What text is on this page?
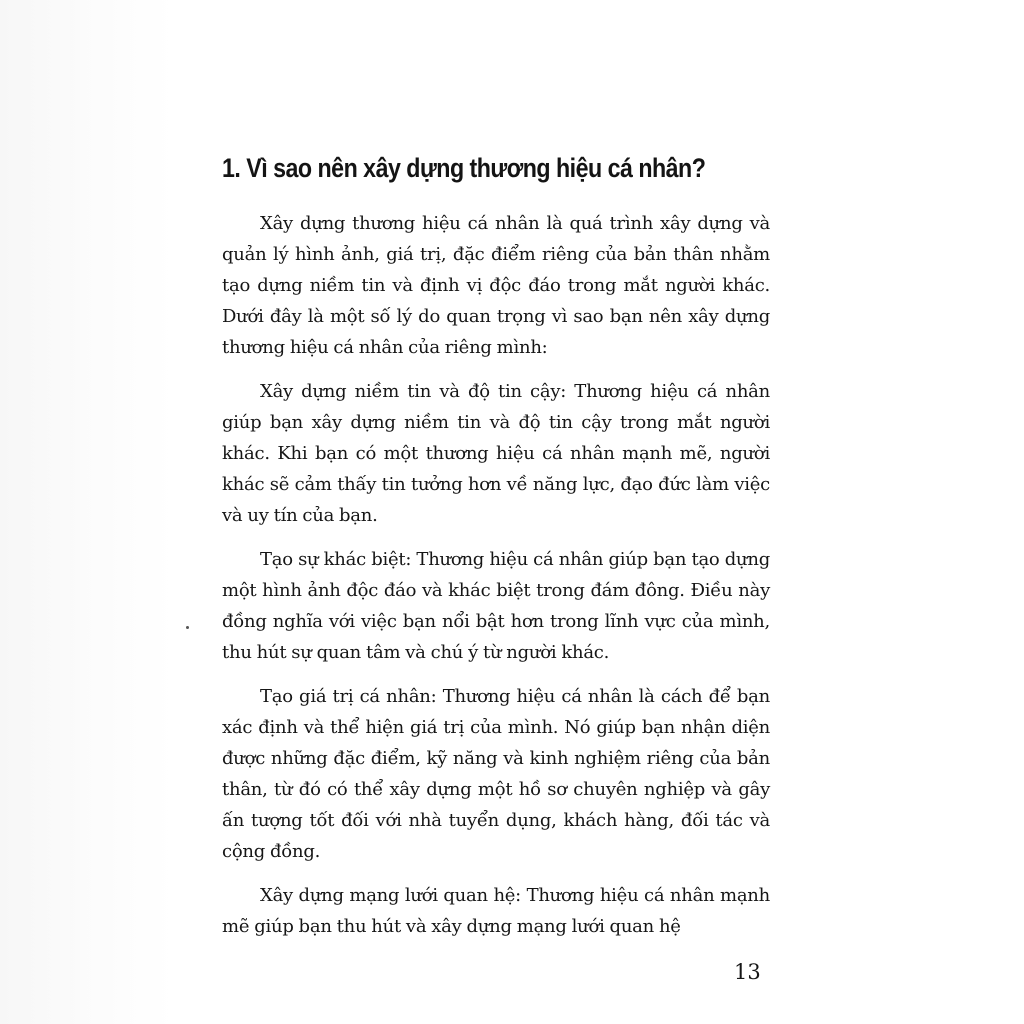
1. Vì sao nên xây dựng thương hiệu cá nhân?

Xây dựng thương hiệu cá nhân là quá trình xây dựng và quản lý hình ảnh, giá trị, đặc điểm riêng của bản thân nhằm tạo dựng niềm tin và định vị độc đáo trong mắt người khác. Dưới đây là một số lý do quan trọng vì sao bạn nên xây dựng thương hiệu cá nhân của riêng mình:

Xây dựng niềm tin và độ tin cậy: Thương hiệu cá nhân giúp bạn xây dựng niềm tin và độ tin cậy trong mắt người khác. Khi bạn có một thương hiệu cá nhân mạnh mẽ, người khác sẽ cảm thấy tin tưởng hơn về năng lực, đạo đức làm việc và uy tín của bạn.

Tạo sự khác biệt: Thương hiệu cá nhân giúp bạn tạo dựng một hình ảnh độc đáo và khác biệt trong đám đông. Điều này đồng nghĩa với việc bạn nổi bật hơn trong lĩnh vực của mình, thu hút sự quan tâm và chú ý từ người khác.

Tạo giá trị cá nhân: Thương hiệu cá nhân là cách để bạn xác định và thể hiện giá trị của mình. Nó giúp bạn nhận diện được những đặc điểm, kỹ năng và kinh nghiệm riêng của bản thân, từ đó có thể xây dựng một hồ sơ chuyên nghiệp và gây ấn tượng tốt đối với nhà tuyển dụng, khách hàng, đối tác và cộng đồng.

Xây dựng mạng lưới quan hệ: Thương hiệu cá nhân mạnh mẽ giúp bạn thu hút và xây dựng mạng lưới quan hệ

13
